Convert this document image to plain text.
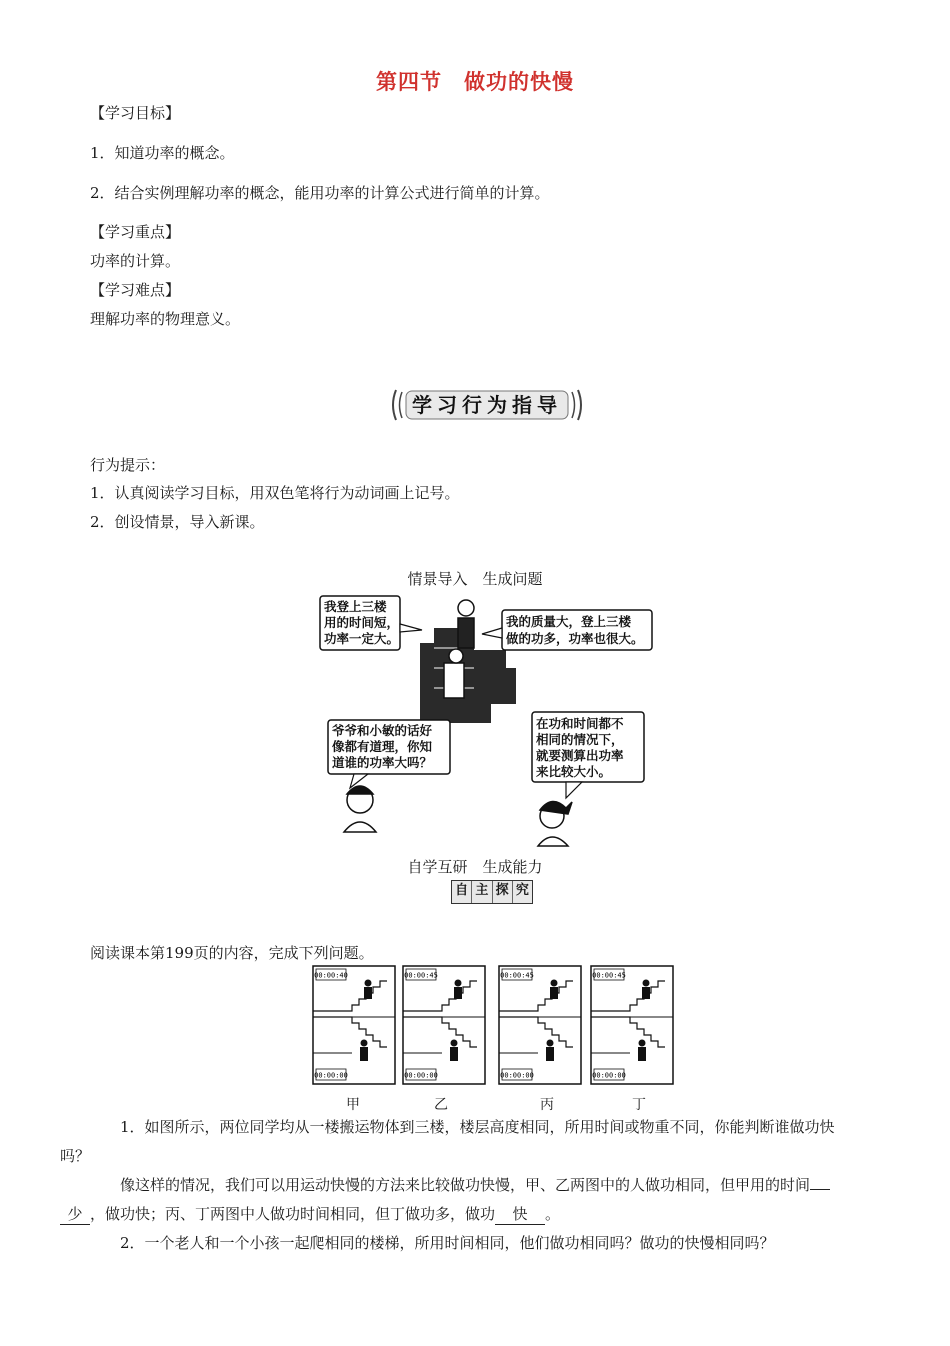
第四节　做功的快慢
【学习目标】
1．知道功率的概念。
2．结合实例理解功率的概念，能用功率的计算公式进行简单的计算。
【学习重点】
功率的计算。
【学习难点】
理解功率的物理意义。
学习行为指导
行为提示：
1．认真阅读学习目标，用双色笔将行为动词画上记号。
2．创设情景，导入新课。
情景导入　生成问题
我登上三楼 用的时间短， 功率一定大。
我的质量大，登上三楼 做的功多，功率也很大。
爷爷和小敏的话好 像都有道理，你知 道谁的功率大吗？
在功和时间都不 相同的情况下， 就要测算出功率 来比较大小。
自学互研　生成能力
自 主 探 究
阅读课本第199页的内容，完成下列问题。
00:00:40
00:00:00
00:00:45
00:00:00
00:00:45
00:00:00
00:00:45
00:00:00
甲	乙	丙	丁
1．如图所示，两位同学均从一楼搬运物体到三楼，楼层高度相同，所用时间或物重不同，你能判断谁做功快
吗？
像这样的情况，我们可以用运动快慢的方法来比较做功快慢，甲、乙两图中的人做功相同，但甲用的时间
少 ，做功快；丙、丁两图中人做功时间相同，但丁做功多，做功 快 。
2．一个老人和一个小孩一起爬相同的楼梯，所用时间相同，他们做功相同吗？做功的快慢相同吗？
